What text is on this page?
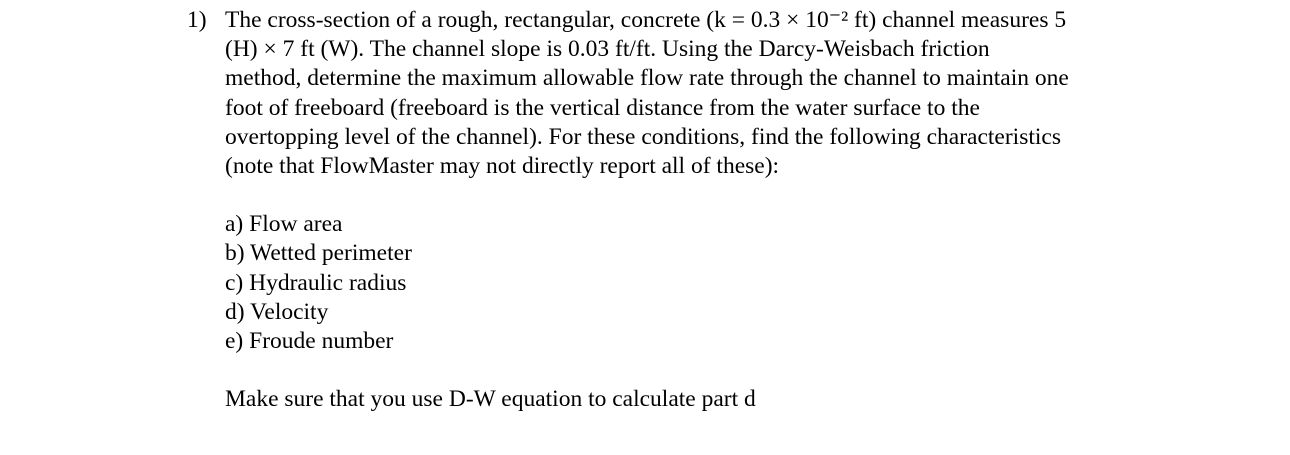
1) The cross-section of a rough, rectangular, concrete (k = 0.3 × 10⁻² ft) channel measures 5
(H) × 7 ft (W). The channel slope is 0.03 ft/ft. Using the Darcy-Weisbach friction
method, determine the maximum allowable flow rate through the channel to maintain one
foot of freeboard (freeboard is the vertical distance from the water surface to the
overtopping level of the channel). For these conditions, find the following characteristics
(note that FlowMaster may not directly report all of these):
a) Flow area
b) Wetted perimeter
c) Hydraulic radius
d) Velocity
e) Froude number
Make sure that you use D-W equation to calculate part d
